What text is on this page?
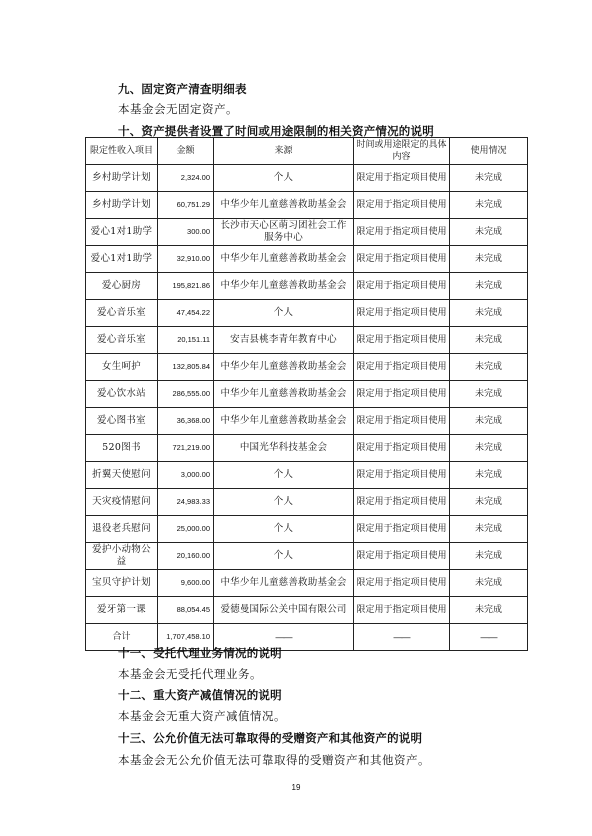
九、固定资产清查明细表
本基金会无固定资产。
十、资产提供者设置了时间或用途限制的相关资产情况的说明
限定性收入项目	金额	来源	时间或用途限定的具体内容	使用情况
乡村助学计划	2,324.00	个人	限定用于指定项目使用	未完成
乡村助学计划	60,751.29	中华少年儿童慈善救助基金会	限定用于指定项目使用	未完成
爱心1对1助学	300.00	长沙市天心区萌习团社会工作服务中心	限定用于指定项目使用	未完成
爱心1对1助学	32,910.00	中华少年儿童慈善救助基金会	限定用于指定项目使用	未完成
爱心厨房	195,821.86	中华少年儿童慈善救助基金会	限定用于指定项目使用	未完成
爱心音乐室	47,454.22	个人	限定用于指定项目使用	未完成
爱心音乐室	20,151.11	安吉县桃李青年教育中心	限定用于指定项目使用	未完成
女生呵护	132,805.84	中华少年儿童慈善救助基金会	限定用于指定项目使用	未完成
爱心饮水站	286,555.00	中华少年儿童慈善救助基金会	限定用于指定项目使用	未完成
爱心图书室	36,368.00	中华少年儿童慈善救助基金会	限定用于指定项目使用	未完成
520图书	721,219.00	中国光华科技基金会	限定用于指定项目使用	未完成
折翼天使慰问	3,000.00	个人	限定用于指定项目使用	未完成
天灾疫情慰问	24,983.33	个人	限定用于指定项目使用	未完成
退役老兵慰问	25,000.00	个人	限定用于指定项目使用	未完成
爱护小动物公益	20,160.00	个人	限定用于指定项目使用	未完成
宝贝守护计划	9,600.00	中华少年儿童慈善救助基金会	限定用于指定项目使用	未完成
爱牙第一课	88,054.45	爱德曼国际公关中国有限公司	限定用于指定项目使用	未完成
合计	1,707,458.10	——	——	——
十一、受托代理业务情况的说明
本基金会无受托代理业务。
十二、重大资产减值情况的说明
本基金会无重大资产减值情况。
十三、公允价值无法可靠取得的受赠资产和其他资产的说明
本基金会无公允价值无法可靠取得的受赠资产和其他资产。
19
